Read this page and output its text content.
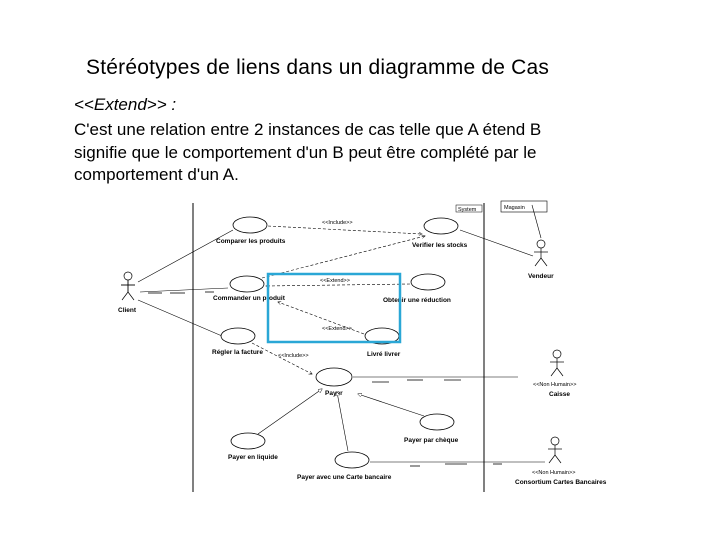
Stéréotypes de liens dans un diagramme de Cas
<<Extend>> :
C'est une relation entre 2 instances de cas telle que A étend B
signifie que le comportement d'un B peut être complété par le
comportement d'un A.
System	Magasin
Comparer les produits
Verifier les stocks
<<Include>>
Vendeur
Client
Commander un produit	Obtenir une réduction
<<Extend>>
Livré livrer
<<Extend>>
Régler la facture
Payer
<<Include>>
<<Non Humain>>
Caisse
Payer par chèque
Payer en liquide
Payer avec une Carte bancaire
<<Non Humain>>
Consortium Cartes Bancaires
